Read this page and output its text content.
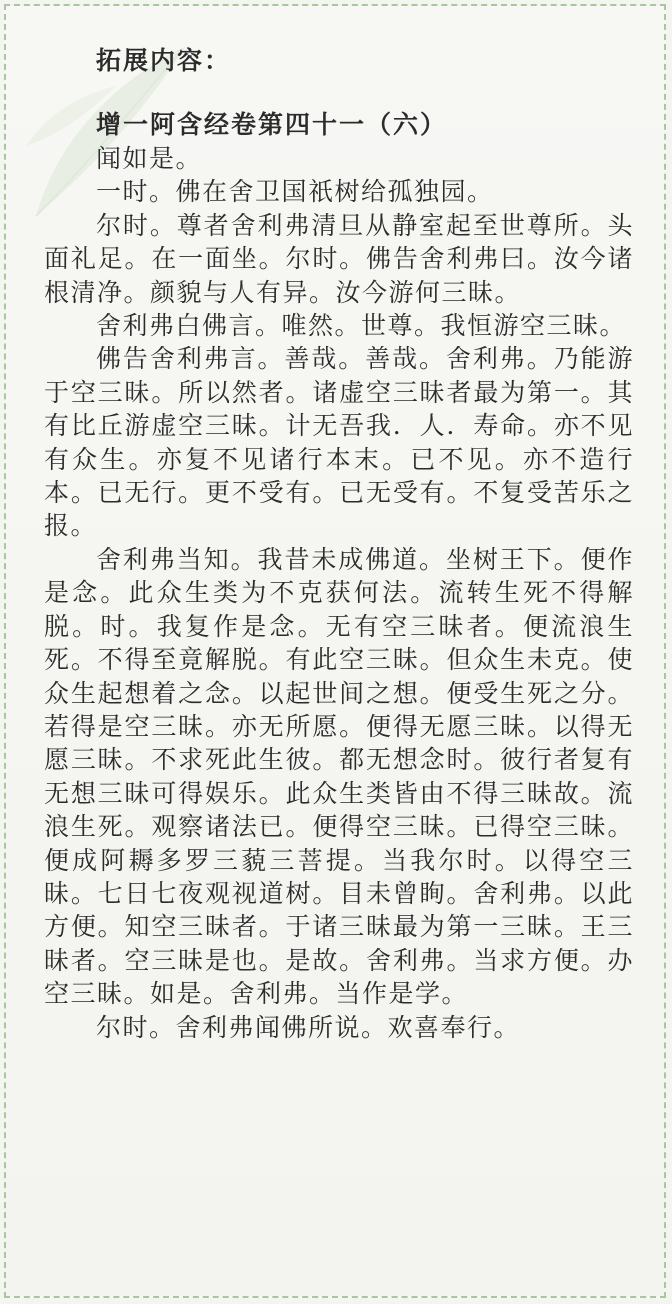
拓展内容：
增一阿含经卷第四十一（六）

闻如是。

一时。佛在舍卫国祇树给孤独园。

尔时。尊者舍利弗清旦从静室起至世尊所。头面礼足。在一面坐。尔时。佛告舍利弗曰。汝今诸根清净。颜貌与人有异。汝今游何三昧。

舍利弗白佛言。唯然。世尊。我恒游空三昧。

佛告舍利弗言。善哉。善哉。舍利弗。乃能游于空三昧。所以然者。诸虚空三昧者最为第一。其有比丘游虚空三昧。计无吾我．人．寿命。亦不见有众生。亦复不见诸行本末。已不见。亦不造行本。已无行。更不受有。已无受有。不复受苦乐之报。

舍利弗当知。我昔未成佛道。坐树王下。便作是念。此众生类为不克获何法。流转生死不得解脱。时。我复作是念。无有空三昧者。便流浪生死。不得至竟解脱。有此空三昧。但众生未克。使众生起想着之念。以起世间之想。便受生死之分。若得是空三昧。亦无所愿。便得无愿三昧。以得无愿三昧。不求死此生彼。都无想念时。彼行者复有无想三昧可得娱乐。此众生类皆由不得三昧故。流浪生死。观察诸法已。便得空三昧。已得空三昧。便成阿耨多罗三藐三菩提。当我尔时。以得空三昧。七日七夜观视道树。目未曾眴。舍利弗。以此方便。知空三昧者。于诸三昧最为第一三昧。王三昧者。空三昧是也。是故。舍利弗。当求方便。办空三昧。如是。舍利弗。当作是学。

尔时。舍利弗闻佛所说。欢喜奉行。
